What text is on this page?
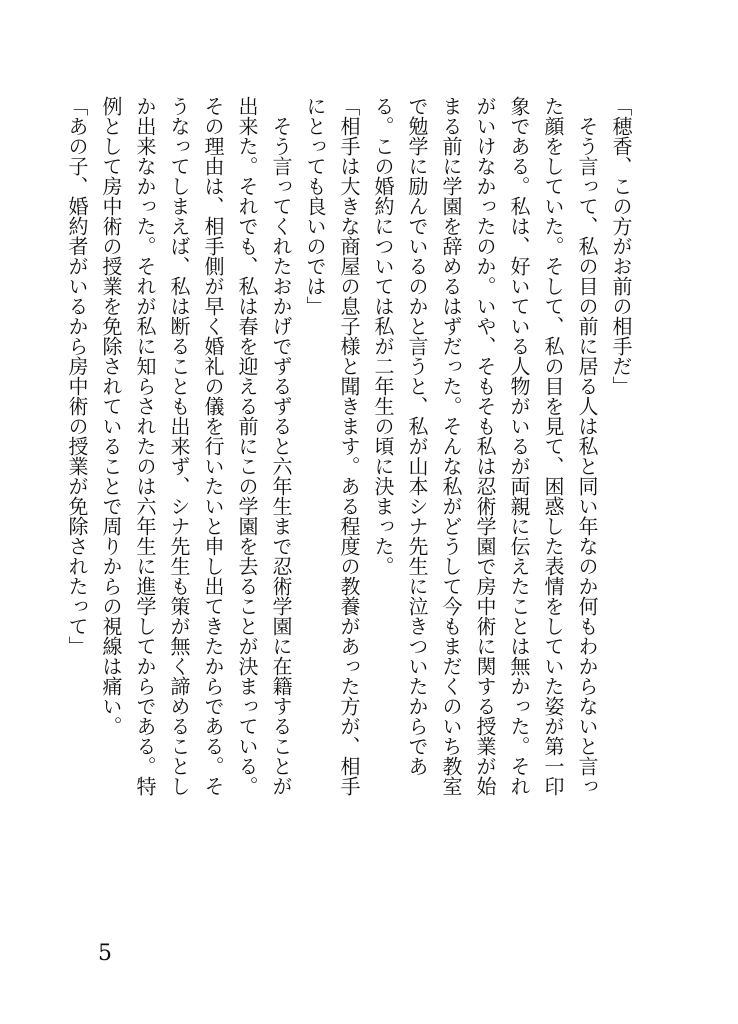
「穂香、この方がお前の相手だ」

　そう言って、私の目の前に居る人は私と同い年なのか何もわからないと言った顔をしていた。そして、私の目を見て、困惑した表情をしていた姿が第一印象である。私は、好いている人物がいるが両親に伝えたことは無かった。それがいけなかったのか。いや、そもそも私は忍術学園で房中術に関する授業が始まる前に学園を辞めるはずだった。そんな私がどうして今もまだくのいち教室で勉学に励んでいるのかと言うと、私が山本シナ先生に泣きついたからである。この婚約については私が二年生の頃に決まった。

「相手は大きな商屋の息子様と聞きます。ある程度の教養があった方が、相手にとっても良いのでは」

　そう言ってくれたおかげでずるずると六年生まで忍術学園に在籍することが出来た。それでも、私は春を迎える前にこの学園を去ることが決まっている。その理由は、相手側が早く婚礼の儀を行いたいと申し出てきたからである。そうなってしまえば、私は断ることも出来ず、シナ先生も策が無く諦めることしか出来なかった。それが私に知らされたのは六年生に進学してからである。特例として房中術の授業を免除されていることで周りからの視線は痛い。

「あの子、婚約者がいるから房中術の授業が免除されたって」

5
